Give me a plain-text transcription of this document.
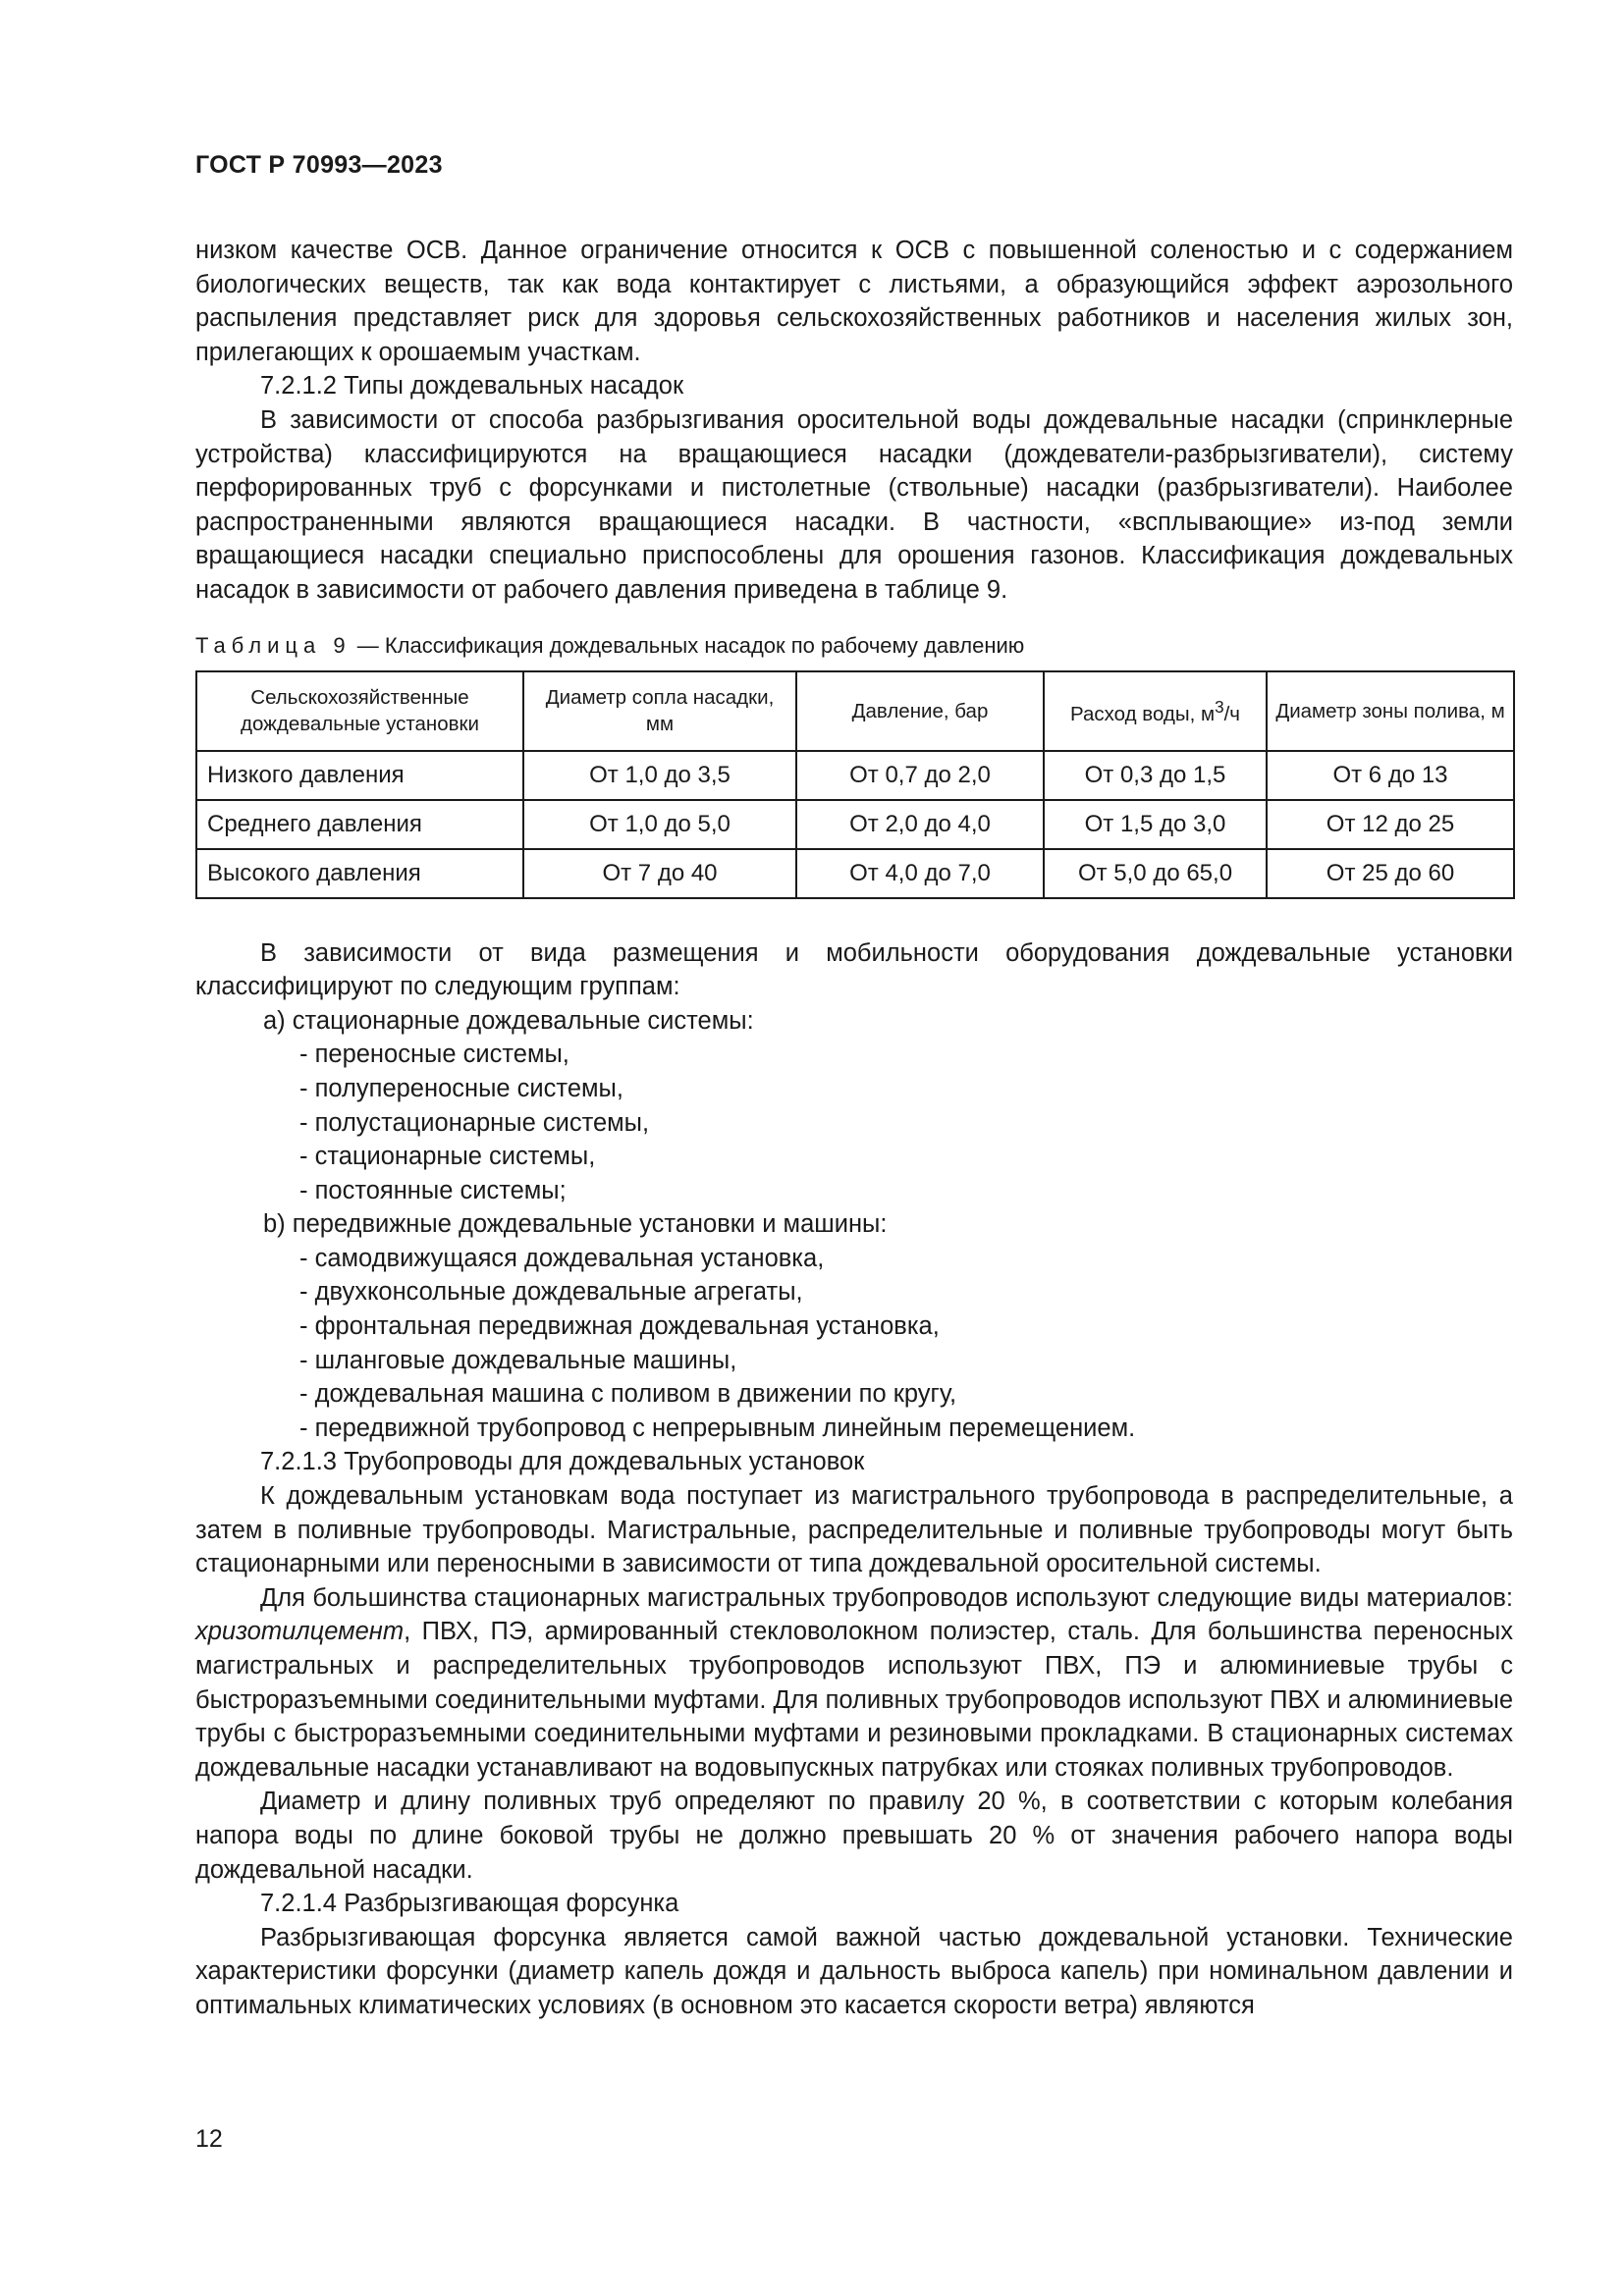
ГОСТ Р 70993—2023

низком качестве ОСВ. Данное ограничение относится к ОСВ с повышенной соленостью и с содержанием биологических веществ, так как вода контактирует с листьями, а образующийся эффект аэрозольного распыления представляет риск для здоровья сельскохозяйственных работников и населения жилых зон, прилегающих к орошаемым участкам.

7.2.1.2 Типы дождевальных насадок

В зависимости от способа разбрызгивания оросительной воды дождевальные насадки (спринклерные устройства) классифицируются на вращающиеся насадки (дождеватели-разбрызгиватели), систему перфорированных труб с форсунками и пистолетные (ствольные) насадки (разбрызгиватели). Наиболее распространенными являются вращающиеся насадки. В частности, «всплывающие» из-под земли вращающиеся насадки специально приспособлены для орошения газонов. Классификация дождевальных насадок в зависимости от рабочего давления приведена в таблице 9.

Таблица 9 — Классификация дождевальных насадок по рабочему давлению
Сельскохозяйственные дождевальные установки	Диаметр сопла насадки, мм	Давление, бар	Расход воды, $м^3/ч$	Диаметр зоны полива, м
Низкого давления	От 1,0 до 3,5	От 0,7 до 2,0	От 0,3 до 1,5	От 6 до 13
Среднего давления	От 1,0 до 5,0	От 2,0 до 4,0	От 1,5 до 3,0	От 12 до 25
Высокого давления	От 7 до 40	От 4,0 до 7,0	От 5,0 до 65,0	От 25 до 60

В зависимости от вида размещения и мобильности оборудования дождевальные установки классифицируют по следующим группам:

a) стационарные дождевальные системы:
- переносные системы,
- полупереносные системы,
- полустационарные системы,
- стационарные системы,
- постоянные системы;
b) передвижные дождевальные установки и машины:
- самодвижущаяся дождевальная установка,
- двухконсольные дождевальные агрегаты,
- фронтальная передвижная дождевальная установка,
- шланговые дождевальные машины,
- дождевальная машина с поливом в движении по кругу,
- передвижной трубопровод с непрерывным линейным перемещением.

7.2.1.3 Трубопроводы для дождевальных установок

К дождевальным установкам вода поступает из магистрального трубопровода в распределительные, а затем в поливные трубопроводы. Магистральные, распределительные и поливные трубопроводы могут быть стационарными или переносными в зависимости от типа дождевальной оросительной системы.

Для большинства стационарных магистральных трубопроводов используют следующие виды материалов: хризотилцемент, ПВХ, ПЭ, армированный стекловолокном полиэстер, сталь. Для большинства переносных магистральных и распределительных трубопроводов используют ПВХ, ПЭ и алюминиевые трубы с быстроразъемными соединительными муфтами. Для поливных трубопроводов используют ПВХ и алюминиевые трубы с быстроразъемными соединительными муфтами и резиновыми прокладками. В стационарных системах дождевальные насадки устанавливают на водовыпускных патрубках или стояках поливных трубопроводов.

Диаметр и длину поливных труб определяют по правилу 20 %, в соответствии с которым колебания напора воды по длине боковой трубы не должно превышать 20 % от значения рабочего напора воды дождевальной насадки.

7.2.1.4 Разбрызгивающая форсунка

Разбрызгивающая форсунка является самой важной частью дождевальной установки. Технические характеристики форсунки (диаметр капель дождя и дальность выброса капель) при номинальном давлении и оптимальных климатических условиях (в основном это касается скорости ветра) являются

12
